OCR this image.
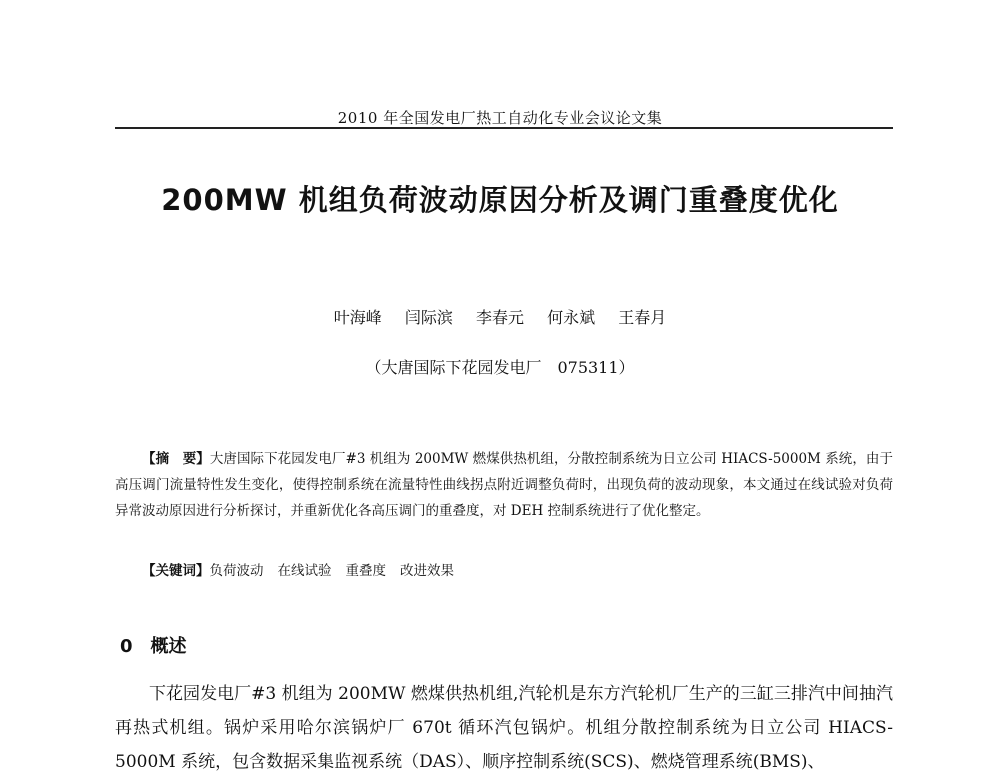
2010 年全国发电厂热工自动化专业会议论文集
200MW 机组负荷波动原因分析及调门重叠度优化
叶海峰 闫际滨 李春元 何永斌 王春月
（大唐国际下花园发电厂　075311）
【摘　要】大唐国际下花园发电厂#3 机组为 200MW 燃煤供热机组，分散控制系统为日立公司 HIACS-5000M 系统，由于高压调门流量特性发生变化，使得控制系统在流量特性曲线拐点附近调整负荷时，出现负荷的波动现象，本文通过在线试验对负荷异常波动原因进行分析探讨，并重新优化各高压调门的重叠度，对 DEH 控制系统进行了优化整定。
【关键词】负荷波动 在线试验 重叠度 改进效果
0 概述
下花园发电厂#3 机组为 200MW 燃煤供热机组,汽轮机是东方汽轮机厂生产的三缸三排汽中间抽汽再热式机组。锅炉采用哈尔滨锅炉厂 670t 循环汽包锅炉。机组分散控制系统为日立公司 HIACS-5000M 系统，包含数据采集监视系统（DAS）、顺序控制系统(SCS)、燃烧管理系统(BMS)、
